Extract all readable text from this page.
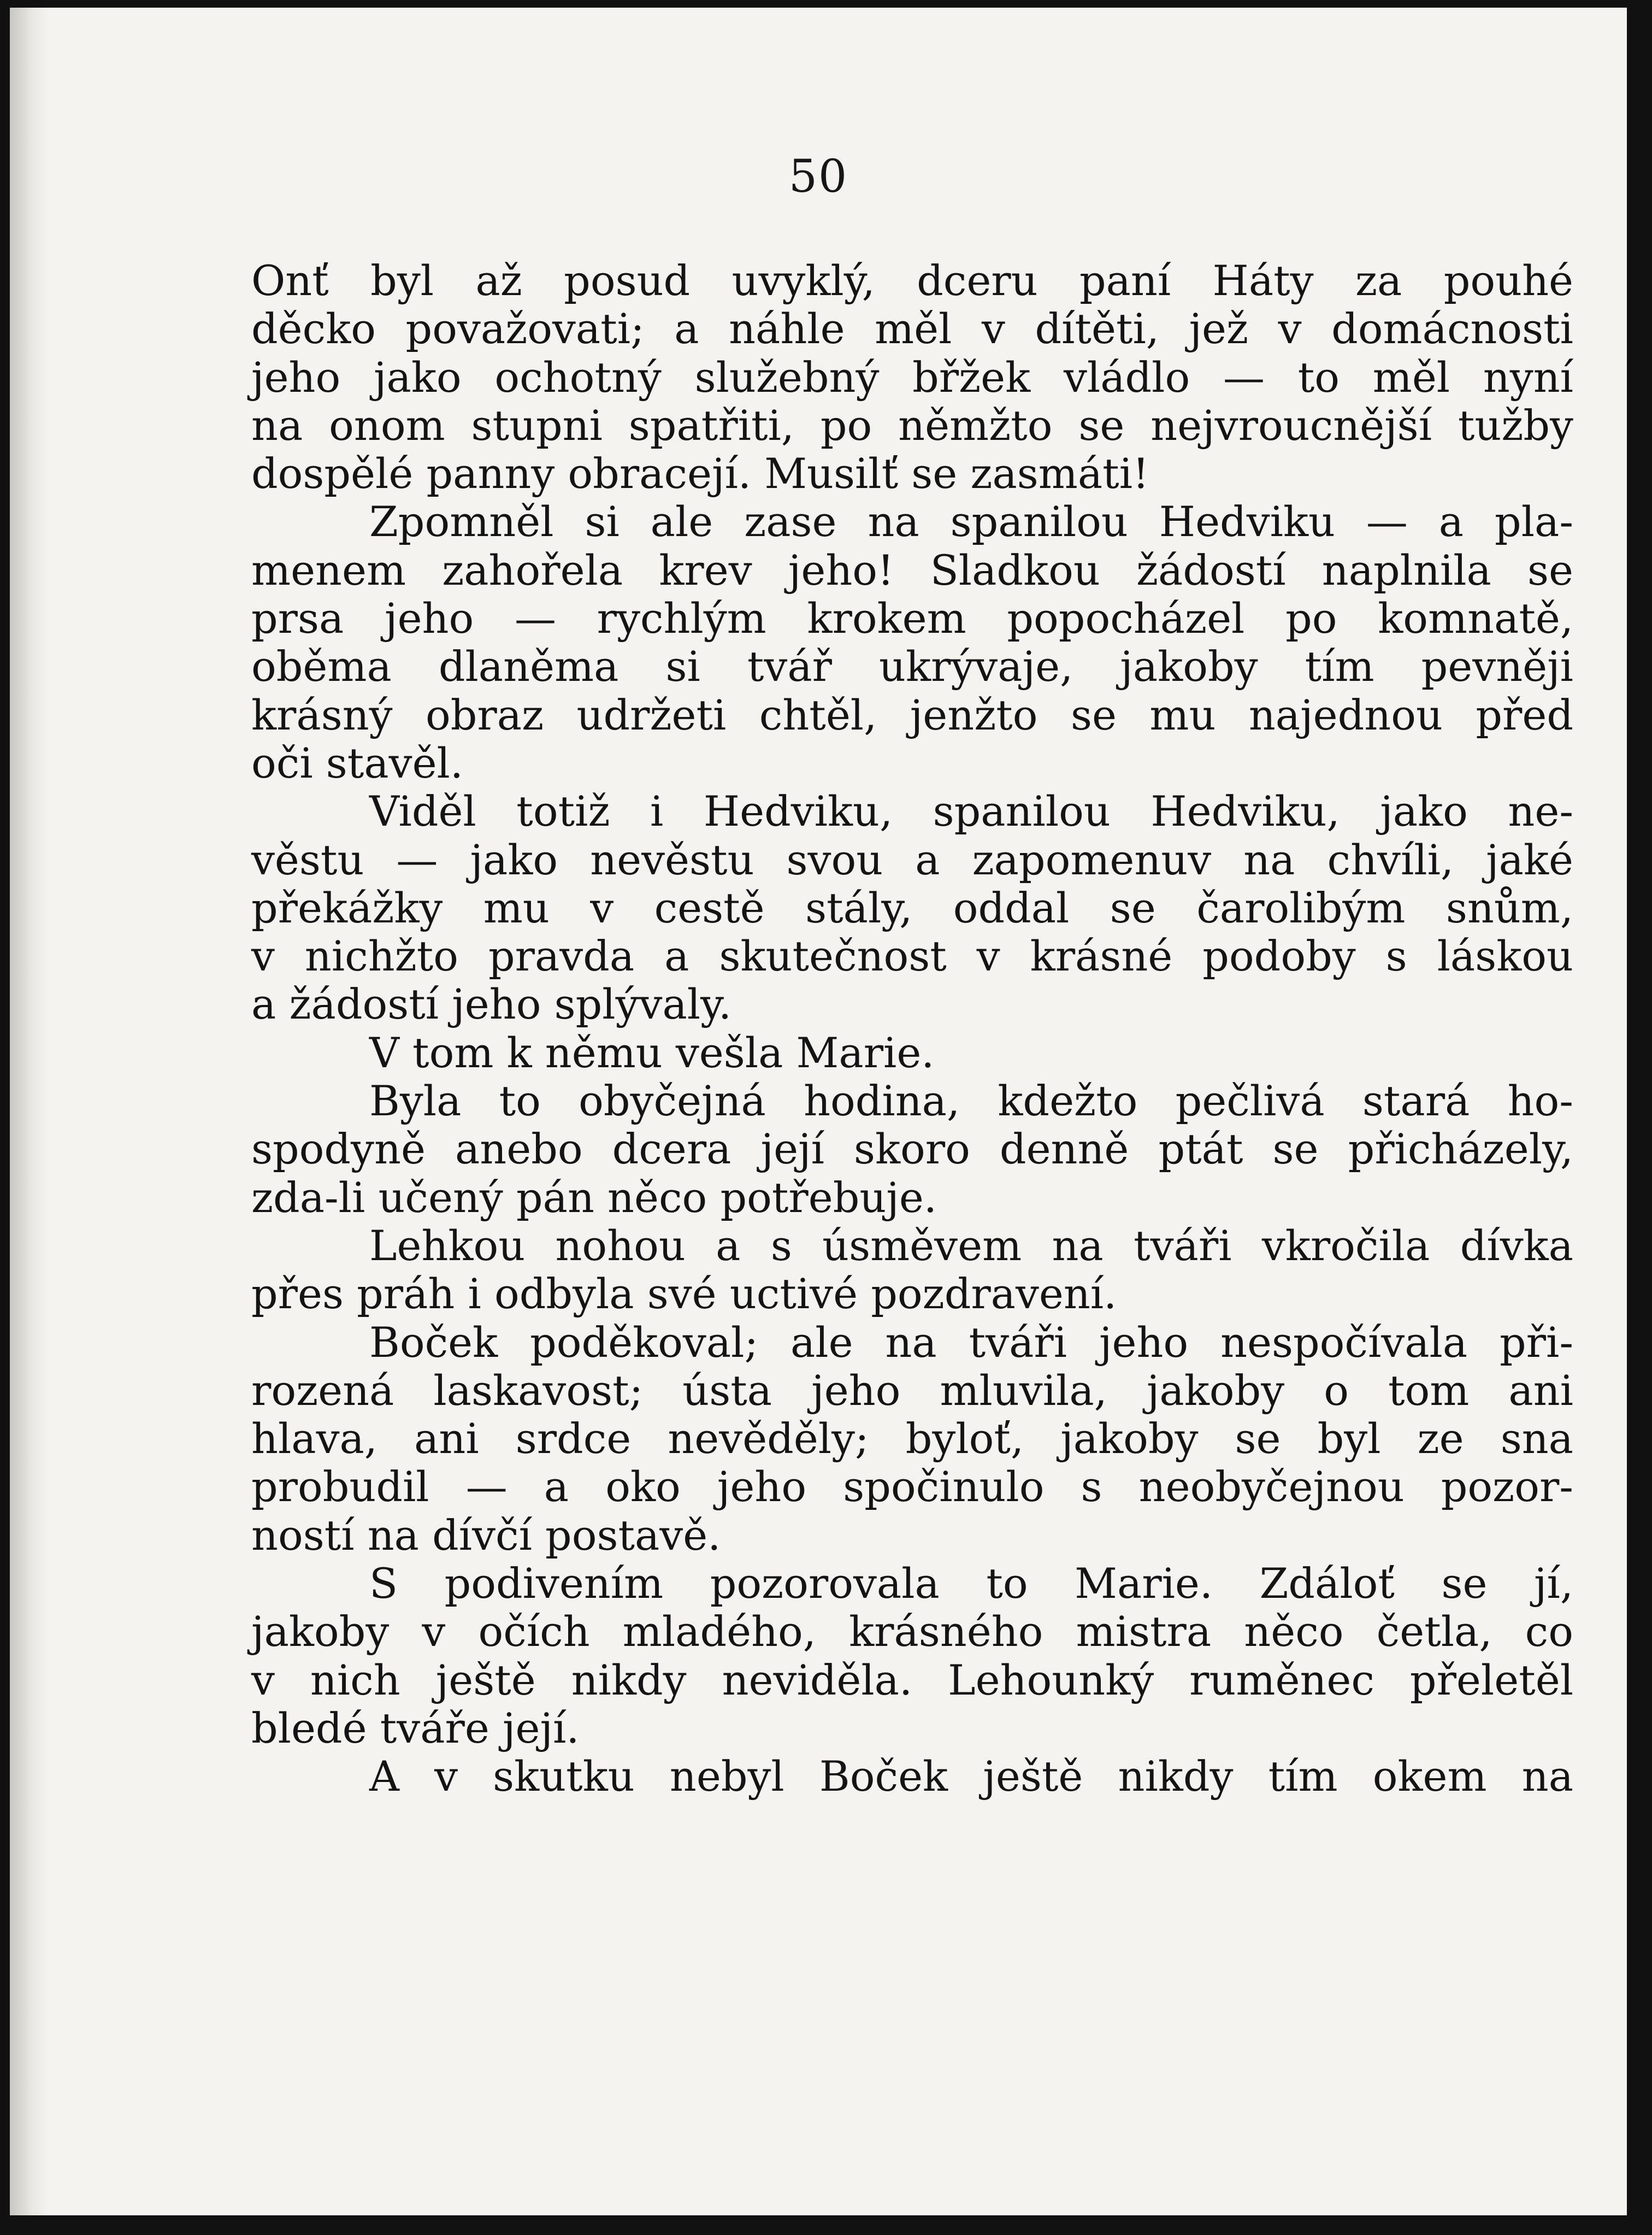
50
Onť byl až posud uvyklý, dceru paní Háty za pouhé
děcko považovati; a náhle měl v dítěti, jež v domácnosti
jeho jako ochotný služebný břžek vládlo — to měl nyní
na onom stupni spatřiti, po němžto se nejvroucnější tužby
dospělé panny obracejí. Musilť se zasmáti!
Zpomněl si ale zase na spanilou Hedviku — a pla-
menem zahořela krev jeho! Sladkou žádostí naplnila se
prsa jeho — rychlým krokem popocházel po komnatě,
oběma dlaněma si tvář ukrývaje, jakoby tím pevněji
krásný obraz udržeti chtěl, jenžto se mu najednou před
oči stavěl.
Viděl totiž i Hedviku, spanilou Hedviku, jako ne-
věstu — jako nevěstu svou a zapomenuv na chvíli, jaké
překážky mu v cestě stály, oddal se čarolibým snům,
v nichžto pravda a skutečnost v krásné podoby s láskou
a žádostí jeho splývaly.
V tom k němu vešla Marie.
Byla to obyčejná hodina, kdežto pečlivá stará ho-
spodyně anebo dcera její skoro denně ptát se přicházely,
zda-li učený pán něco potřebuje.
Lehkou nohou a s úsměvem na tváři vkročila dívka
přes práh i odbyla své uctivé pozdravení.
Boček poděkoval; ale na tváři jeho nespočívala při-
rozená laskavost; ústa jeho mluvila, jakoby o tom ani
hlava, ani srdce nevěděly; byloť, jakoby se byl ze sna
probudil — a oko jeho spočinulo s neobyčejnou pozor-
ností na dívčí postavě.
S podivením pozorovala to Marie. Zdálоť se jí,
jakoby v očích mladého, krásného mistra něco četla, co
v nich ještě nikdy neviděla. Lehounký ruměnec přeletěl
bledé tváře její.
A v skutku nebyl Boček ještě nikdy tím okem na
